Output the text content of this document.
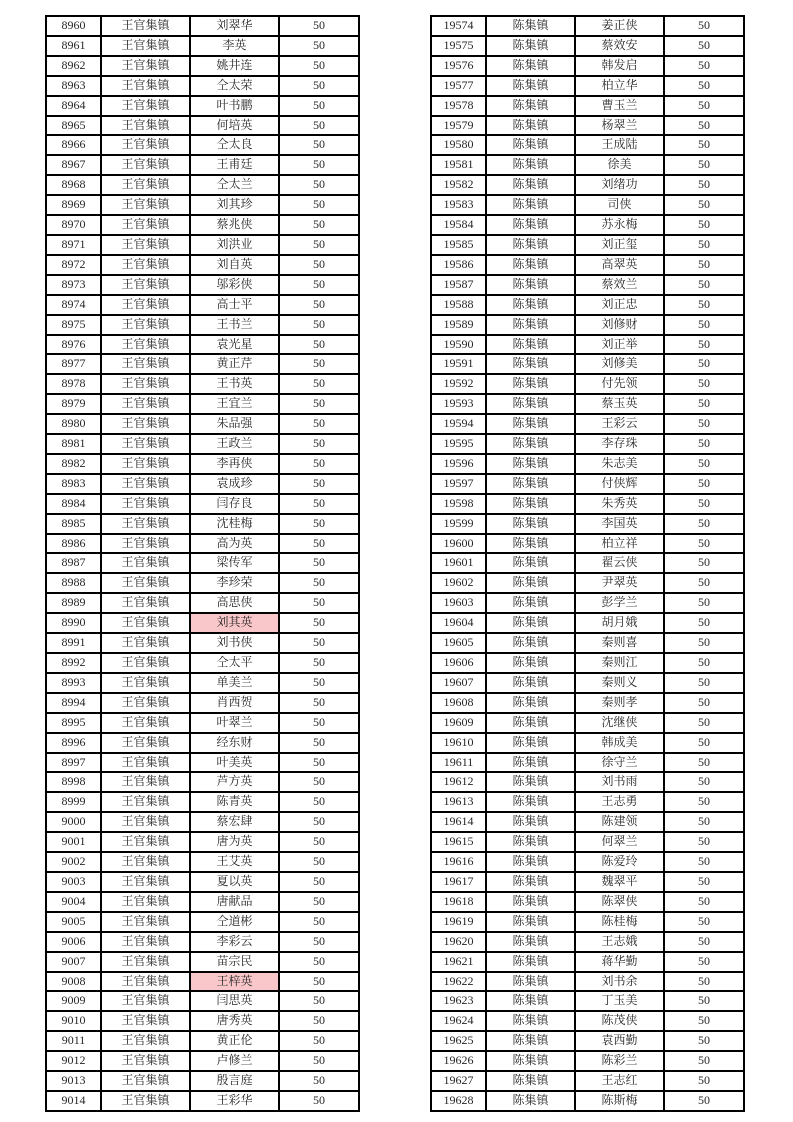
8960	王官集镇	刘翠华	50
8961	王官集镇	李英	50
8962	王官集镇	姚井连	50
8963	王官集镇	仝太荣	50
8964	王官集镇	叶书鹏	50
8965	王官集镇	何培英	50
8966	王官集镇	仝太良	50
8967	王官集镇	王甫廷	50
8968	王官集镇	仝太兰	50
8969	王官集镇	刘其珍	50
8970	王官集镇	蔡兆侠	50
8971	王官集镇	刘洪业	50
8972	王官集镇	刘自英	50
8973	王官集镇	邬彩侠	50
8974	王官集镇	高士平	50
8975	王官集镇	王书兰	50
8976	王官集镇	袁光星	50
8977	王官集镇	黄正芹	50
8978	王官集镇	王书英	50
8979	王官集镇	王宜兰	50
8980	王官集镇	朱品强	50
8981	王官集镇	王政兰	50
8982	王官集镇	李再侠	50
8983	王官集镇	袁成珍	50
8984	王官集镇	闫存良	50
8985	王官集镇	沈桂梅	50
8986	王官集镇	高为英	50
8987	王官集镇	梁传军	50
8988	王官集镇	李珍荣	50
8989	王官集镇	高思侠	50
8990	王官集镇	刘其英	50
8991	王官集镇	刘书侠	50
8992	王官集镇	仝太平	50
8993	王官集镇	单美兰	50
8994	王官集镇	肖西贺	50
8995	王官集镇	叶翠兰	50
8996	王官集镇	经东财	50
8997	王官集镇	叶美英	50
8998	王官集镇	芦方英	50
8999	王官集镇	陈青英	50
9000	王官集镇	蔡宏肆	50
9001	王官集镇	唐为英	50
9002	王官集镇	王艾英	50
9003	王官集镇	夏以英	50
9004	王官集镇	唐献品	50
9005	王官集镇	仝道彬	50
9006	王官集镇	李彩云	50
9007	王官集镇	苗宗民	50
9008	王官集镇	王梓英	50
9009	王官集镇	闫思英	50
9010	王官集镇	唐秀英	50
9011	王官集镇	黄正伦	50
9012	王官集镇	卢修兰	50
9013	王官集镇	殷言庭	50
9014	王官集镇	王彩华	50
19574	陈集镇	姜正侠	50
19575	陈集镇	蔡效安	50
19576	陈集镇	韩发启	50
19577	陈集镇	柏立华	50
19578	陈集镇	曹玉兰	50
19579	陈集镇	杨翠兰	50
19580	陈集镇	王成陆	50
19581	陈集镇	徐美	50
19582	陈集镇	刘绪功	50
19583	陈集镇	司侠	50
19584	陈集镇	苏永梅	50
19585	陈集镇	刘正玺	50
19586	陈集镇	高翠英	50
19587	陈集镇	蔡效兰	50
19588	陈集镇	刘正忠	50
19589	陈集镇	刘修财	50
19590	陈集镇	刘正举	50
19591	陈集镇	刘修美	50
19592	陈集镇	付先领	50
19593	陈集镇	蔡玉英	50
19594	陈集镇	王彩云	50
19595	陈集镇	李存珠	50
19596	陈集镇	朱志美	50
19597	陈集镇	付侠辉	50
19598	陈集镇	朱秀英	50
19599	陈集镇	李国英	50
19600	陈集镇	柏立祥	50
19601	陈集镇	翟云侠	50
19602	陈集镇	尹翠英	50
19603	陈集镇	彭学兰	50
19604	陈集镇	胡月娥	50
19605	陈集镇	秦则喜	50
19606	陈集镇	秦则江	50
19607	陈集镇	秦则义	50
19608	陈集镇	秦则孝	50
19609	陈集镇	沈继侠	50
19610	陈集镇	韩成美	50
19611	陈集镇	徐守兰	50
19612	陈集镇	刘书雨	50
19613	陈集镇	王志勇	50
19614	陈集镇	陈建领	50
19615	陈集镇	何翠兰	50
19616	陈集镇	陈爱玲	50
19617	陈集镇	魏翠平	50
19618	陈集镇	陈翠侠	50
19619	陈集镇	陈桂梅	50
19620	陈集镇	王志娥	50
19621	陈集镇	蒋华勤	50
19622	陈集镇	刘书余	50
19623	陈集镇	丁玉美	50
19624	陈集镇	陈茂侠	50
19625	陈集镇	袁西勤	50
19626	陈集镇	陈彩兰	50
19627	陈集镇	王志红	50
19628	陈集镇	陈斯梅	50
